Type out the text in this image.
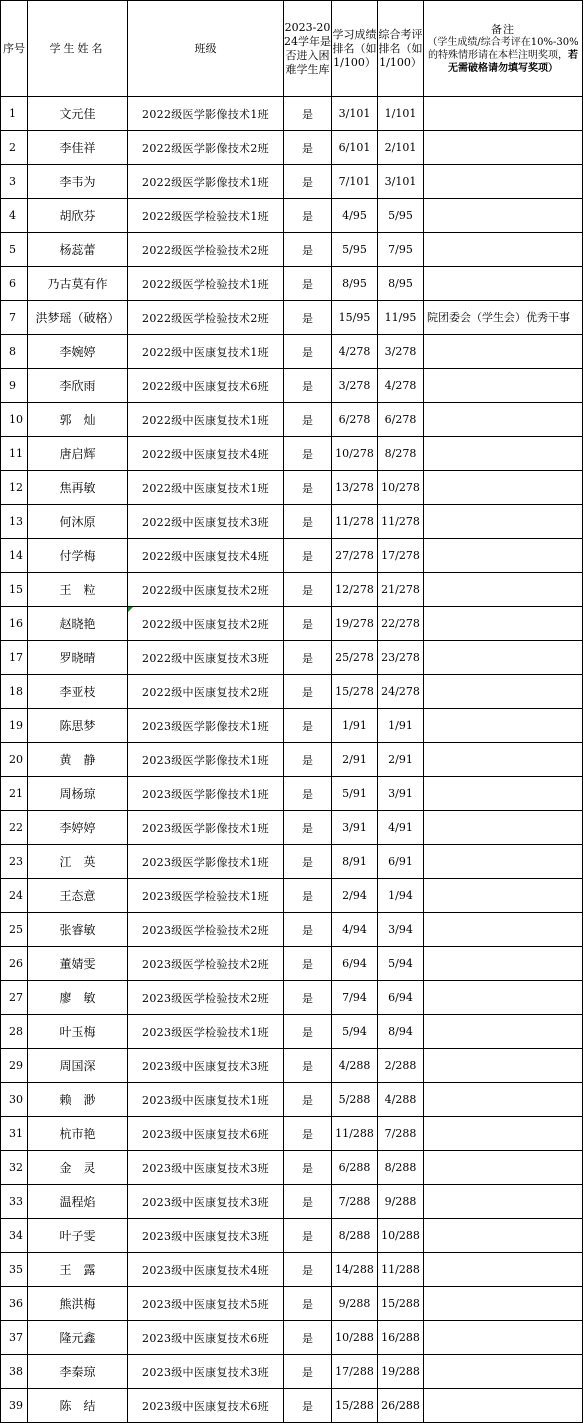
序号	学生姓名	班级	2023-2024学年是否进入困难学生库	学习成绩排名（如1/100）	综合考评排名（如1/100）	备注
（学生成绩/综合考评在10%-30%的特殊情形请在本栏注明奖项，若无需破格请勿填写奖项）
1	文元佳	2022级医学影像技术1班	是	3/101	1/101	
2	李佳祥	2022级医学影像技术2班	是	6/101	2/101	
3	李韦为	2022级医学影像技术1班	是	7/101	3/101	
4	胡欣芬	2022级医学检验技术1班	是	4/95	5/95	
5	杨蕊蕾	2022级医学检验技术2班	是	5/95	7/95	
6	乃古莫有作	2022级医学检验技术1班	是	8/95	8/95	
7	洪梦瑶（破格）	2022级医学检验技术2班	是	15/95	11/95	院团委会（学生会）优秀干事
8	李婉婷	2022级中医康复技术1班	是	4/278	3/278	
9	李欣雨	2022级中医康复技术6班	是	3/278	4/278	
10	郭　灿	2022级中医康复技术1班	是	6/278	6/278	
11	唐启辉	2022级中医康复技术4班	是	10/278	8/278	
12	焦再敏	2022级中医康复技术1班	是	13/278	10/278	
13	何沐原	2022级中医康复技术3班	是	11/278	11/278	
14	付学梅	2022级中医康复技术4班	是	27/278	17/278	
15	王　粒	2022级中医康复技术2班	是	12/278	21/278	
16	赵晓艳	2022级中医康复技术2班	是	19/278	22/278	
17	罗晓晴	2022级中医康复技术3班	是	25/278	23/278	
18	李亚枝	2022级中医康复技术2班	是	15/278	24/278	
19	陈思梦	2023级医学影像技术1班	是	1/91	1/91	
20	黄　静	2023级医学影像技术1班	是	2/91	2/91	
21	周杨琼	2023级医学影像技术1班	是	5/91	3/91	
22	李婷婷	2023级医学影像技术1班	是	3/91	4/91	
23	江　英	2023级医学影像技术1班	是	8/91	6/91	
24	王态意	2023级医学检验技术1班	是	2/94	1/94	
25	张睿敏	2023级医学检验技术2班	是	4/94	3/94	
26	董婧雯	2023级医学检验技术2班	是	6/94	5/94	
27	廖　敏	2023级医学检验技术2班	是	7/94	6/94	
28	叶玉梅	2023级医学检验技术1班	是	5/94	8/94	
29	周国深	2023级中医康复技术3班	是	4/288	2/288	
30	赖　渺	2023级中医康复技术1班	是	5/288	4/288	
31	杭市艳	2023级中医康复技术6班	是	11/288	7/288	
32	金　灵	2023级中医康复技术3班	是	6/288	8/288	
33	温程焰	2023级中医康复技术3班	是	7/288	9/288	
34	叶子雯	2023级中医康复技术3班	是	8/288	10/288	
35	王　露	2023级中医康复技术4班	是	14/288	11/288	
36	熊洪梅	2023级中医康复技术5班	是	9/288	15/288	
37	隆元鑫	2023级中医康复技术6班	是	10/288	16/288	
38	李秦琼	2023级中医康复技术3班	是	17/288	19/288	
39	陈　结	2023级中医康复技术6班	是	15/288	26/288	
